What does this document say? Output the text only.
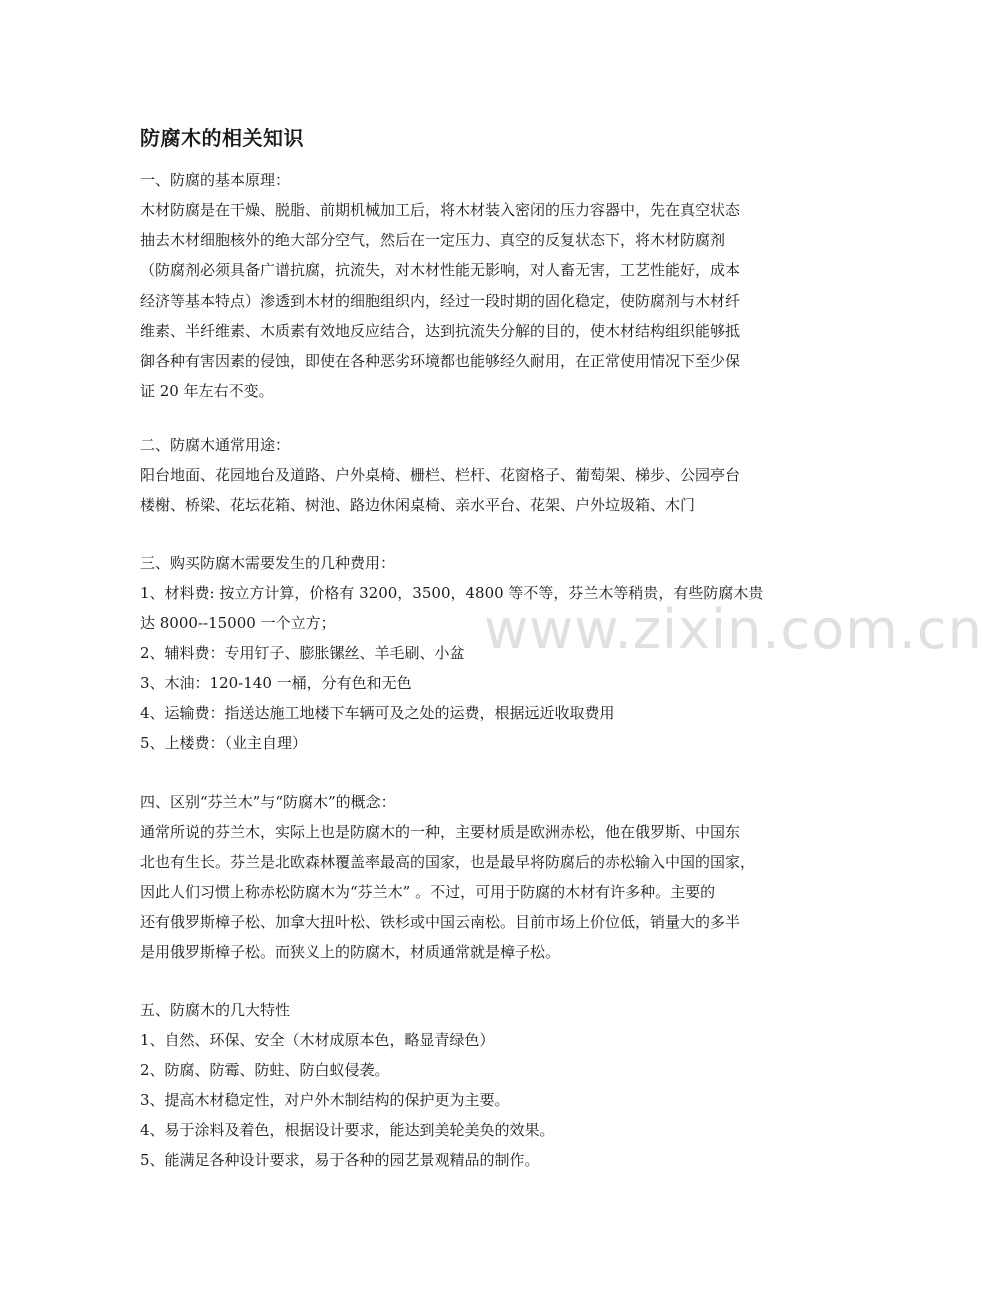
www.zixin.com.cn
防腐木的相关知识
一、防腐的基本原理：
木材防腐是在干燥、脱脂、前期机械加工后，将木材装入密闭的压力容器中，先在真空状态
抽去木材细胞核外的绝大部分空气，然后在一定压力、真空的反复状态下，将木材防腐剂
（防腐剂必须具备广谱抗腐，抗流失，对木材性能无影响，对人畜无害，工艺性能好，成本
经济等基本特点）渗透到木材的细胞组织内，经过一段时期的固化稳定，使防腐剂与木材纤
维素、半纤维素、木质素有效地反应结合，达到抗流失分解的目的，使木材结构组织能够抵
御各种有害因素的侵蚀，即使在各种恶劣环境都也能够经久耐用，在正常使用情况下至少保
证 20 年左右不变。
二、防腐木通常用途：
阳台地面、花园地台及道路、户外桌椅、栅栏、栏杆、花窗格子、葡萄架、梯步、公园亭台
楼榭、桥梁、花坛花箱、树池、路边休闲桌椅、亲水平台、花架、户外垃圾箱、木门
三、购买防腐木需要发生的几种费用：
1、材料费: 按立方计算，价格有 3200，3500，4800 等不等，芬兰木等稍贵，有些防腐木贵
达 8000--15000 一个立方；
2、辅料费：专用钉子、膨胀镙丝、羊毛刷、小盆
3、木油：120-140 一桶，分有色和无色
4、运输费：指送达施工地楼下车辆可及之处的运费，根据远近收取费用
5、上楼费：（业主自理）
四、区别“芬兰木”与“防腐木”的概念：
通常所说的芬兰木，实际上也是防腐木的一种，主要材质是欧洲赤松，他在俄罗斯、中国东
北也有生长。芬兰是北欧森林覆盖率最高的国家，也是最早将防腐后的赤松输入中国的国家，
因此人们习惯上称赤松防腐木为“芬兰木” 。不过，可用于防腐的木材有许多种。主要的
还有俄罗斯樟子松、加拿大扭叶松、铁杉或中国云南松。目前市场上价位低，销量大的多半
是用俄罗斯樟子松。而狭义上的防腐木，材质通常就是樟子松。
五、防腐木的几大特性
1、自然、环保、安全（木材成原本色，略显青绿色）
2、防腐、防霉、防蛀、防白蚁侵袭。
3、提高木材稳定性，对户外木制结构的保护更为主要。
4、易于涂料及着色，根据设计要求，能达到美轮美奂的效果。
5、能满足各种设计要求，易于各种的园艺景观精品的制作。
